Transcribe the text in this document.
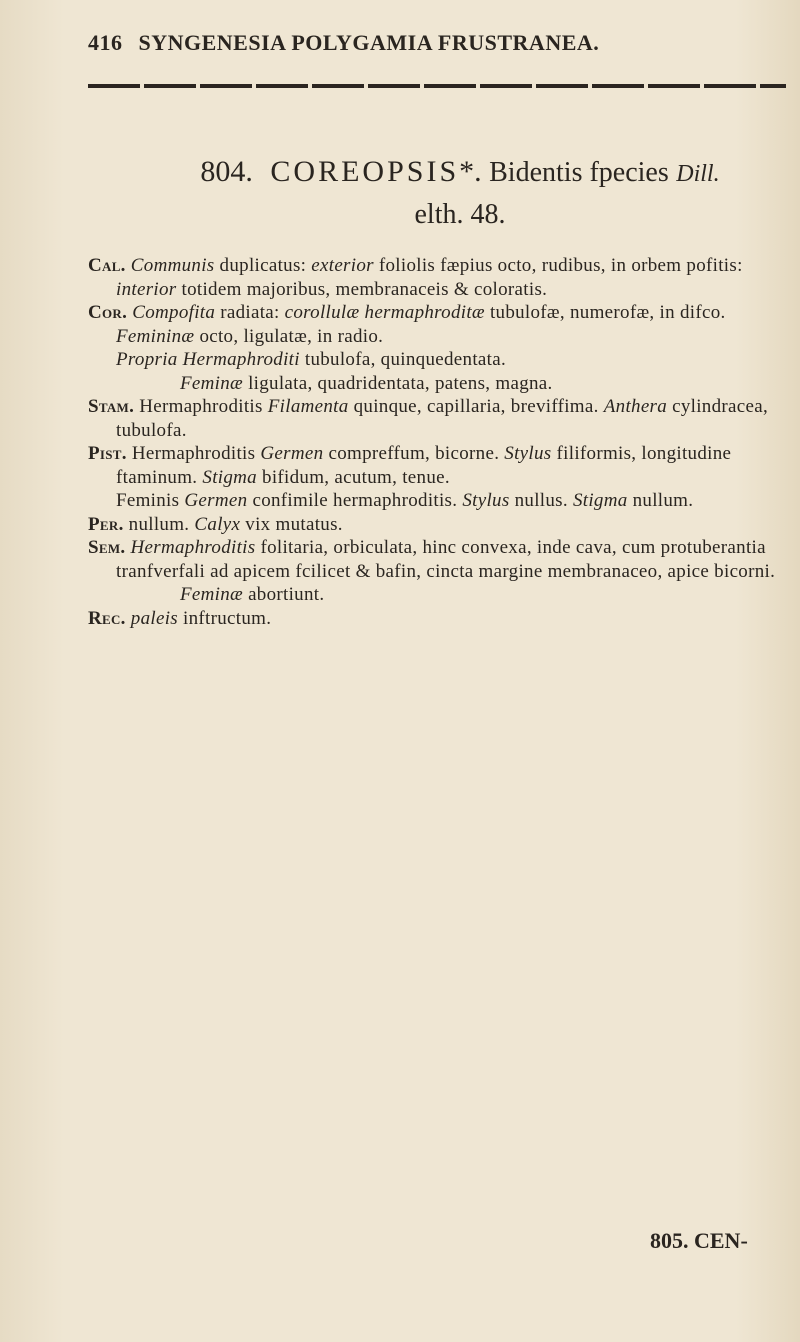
416 SYNGENESIA POLYGAMIA FRUSTRANEA.
804. COREOPSIS*. Bidentis fpecies Dill.
elth. 48.

Cal. Communis duplicatus: exterior foliolis fæpius octo, rudibus, in orbem pofitis: interior totidem majoribus, membranaceis & coloratis.

Cor. Compofita radiata: corollulæ hermaphroditæ tubulofæ, numerofæ, in difco. Femininæ octo, ligulatæ, in radio.

Propria Hermaphroditi tubulofa, quinquedentata.

Feminæ ligulata, quadridentata, patens, magna.

Stam. Hermaphroditis Filamenta quinque, capillaria, breviffima. Anthera cylindracea, tubulofa.

Pist. Hermaphroditis Germen compreffum, bicorne. Stylus filiformis, longitudine ftaminum. Stigma bifidum, acutum, tenue.

Feminis Germen confimile hermaphroditis. Stylus nullus. Stigma nullum.

Per. nullum. Calyx vix mutatus.

Sem. Hermaphroditis folitaria, orbiculata, hinc convexa, inde cava, cum protuberantia tranfverfali ad apicem fcilicet & bafin, cincta margine membranaceo, apice bicorni.

Feminæ abortiunt.

Rec. paleis inftructum.

805. CEN-
